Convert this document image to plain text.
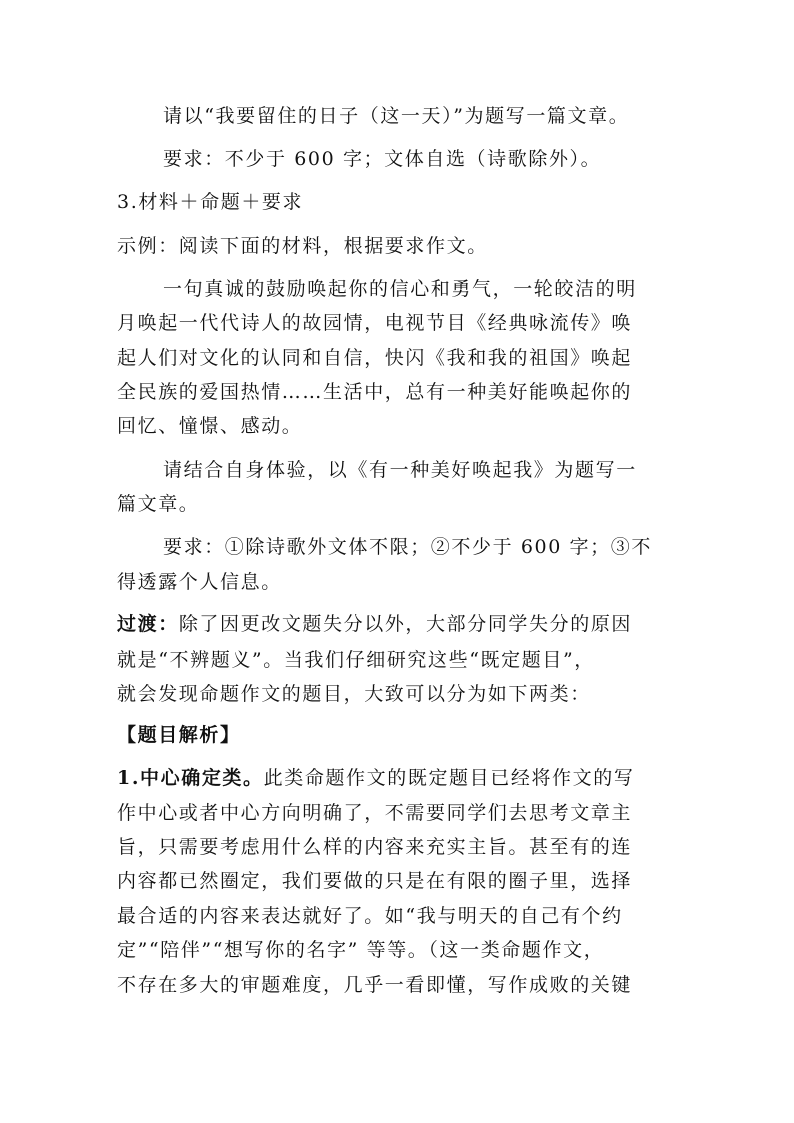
请以“我要留住的日子（这一天）”为题写一篇文章。
要求：不少于 600 字；文体自选（诗歌除外）。
3.材料＋命题＋要求
示例：阅读下面的材料，根据要求作文。
一句真诚的鼓励唤起你的信心和勇气，一轮皎洁的明
月唤起一代代诗人的故园情，电视节目《经典咏流传》唤
起人们对文化的认同和自信，快闪《我和我的祖国》唤起
全民族的爱国热情……生活中，总有一种美好能唤起你的
回忆、憧憬、感动。
请结合自身体验，以《有一种美好唤起我》为题写一
篇文章。
要求：①除诗歌外文体不限；②不少于 600 字；③不
得透露个人信息。
过渡：除了因更改文题失分以外，大部分同学失分的原因
就是“不辨题义”。当我们仔细研究这些“既定题目”，
就会发现命题作文的题目，大致可以分为如下两类：
【题目解析】
1.中心确定类。此类命题作文的既定题目已经将作文的写
作中心或者中心方向明确了，不需要同学们去思考文章主
旨，只需要考虑用什么样的内容来充实主旨。甚至有的连
内容都已然圈定，我们要做的只是在有限的圈子里，选择
最合适的内容来表达就好了。如“我与明天的自己有个约
定”“陪伴”“想写你的名字” 等等。（这一类命题作文，
不存在多大的审题难度，几乎一看即懂，写作成败的关键
